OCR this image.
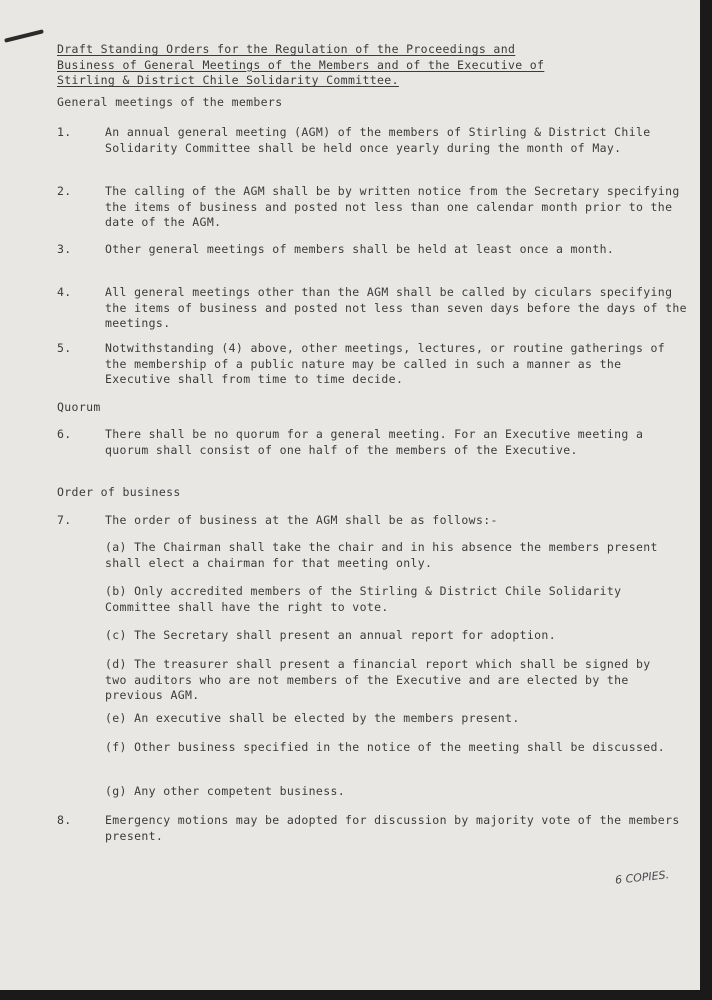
Draft Standing Orders for the Regulation of the Proceedings and
Business of General Meetings of the Members and of the Executive of
Stirling & District Chile Solidarity Committee.
General meetings of the members
1.	An annual general meeting (AGM) of the members of Stirling & District Chile Solidarity Committee shall be held once yearly during the month of May.
2.	The calling of the AGM shall be by written notice from the Secretary specifying the items of business and posted not less than one calendar month prior to the date of the AGM.
3.	Other general meetings of members shall be held at least once a month.
4.	All general meetings other than the AGM shall be called by ciculars specifying the items of business and posted not less than seven days before the days of the meetings.
5.	Notwithstanding (4) above, other meetings, lectures, or routine gatherings of the membership of a public nature may be called in such a manner as the Executive shall from time to time decide.
Quorum
6.	There shall be no quorum for a general meeting. For an Executive meeting a quorum shall consist of one half of the members of the Executive.
Order of business
7.	The order of business at the AGM shall be as follows:-
(a) The Chairman shall take the chair and in his absence the members present shall elect a chairman for that meeting only.
(b) Only accredited members of the Stirling & District Chile Solidarity Committee shall have the right to vote.
(c) The Secretary shall present an annual report for adoption.
(d) The treasurer shall present a financial report which shall be signed by two auditors who are not members of the Executive and are elected by the previous AGM.
(e) An executive shall be elected by the members present.
(f) Other business specified in the notice of the meeting shall be discussed.
(g) Any other competent business.
8.	Emergency motions may be adopted for discussion by majority vote of the members present.
6 COPIES.
